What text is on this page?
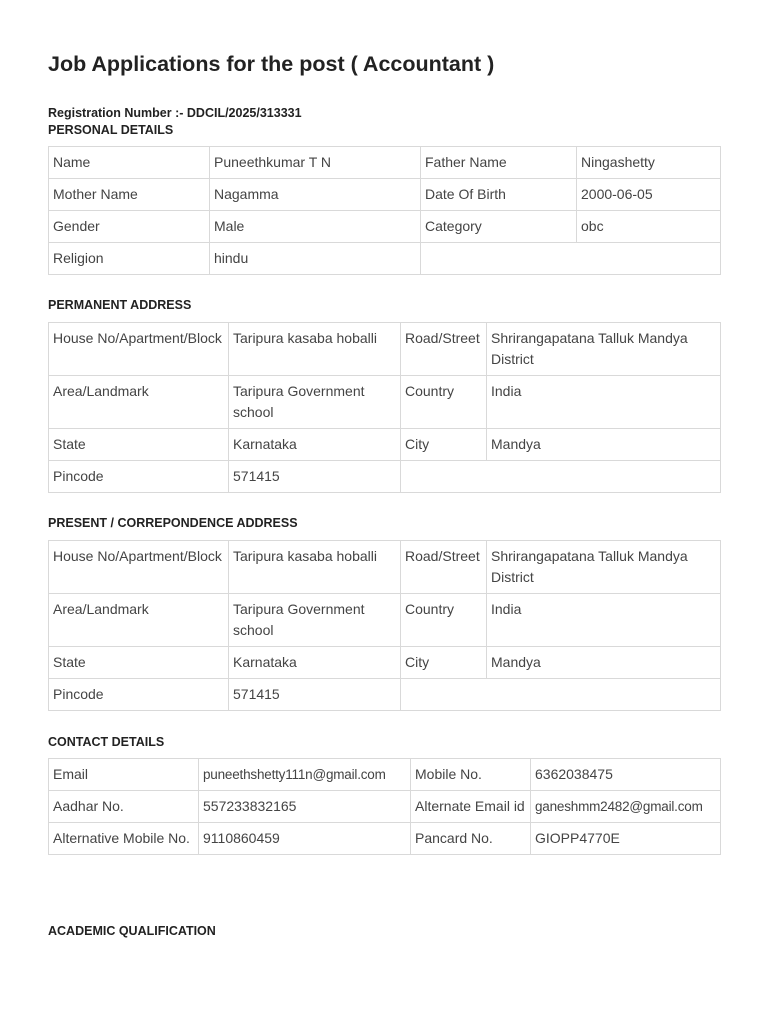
Job Applications for the post ( Accountant )
Registration Number :- DDCIL/2025/313331
PERSONAL DETAILS
Name	Puneethkumar T N	Father Name	Ningashetty
Mother Name	Nagamma	Date Of Birth	2000-06-05
Gender	Male	Category	obc
Religion	hindu		
PERMANENT ADDRESS
House No/Apartment/Block	Taripura kasaba hoballi	Road/Street	Shrirangapatana Talluk Mandya District
Area/Landmark	Taripura Government school	Country	India
State	Karnataka	City	Mandya
Pincode	571415		
PRESENT / CORREPONDENCE ADDRESS
House No/Apartment/Block	Taripura kasaba hoballi	Road/Street	Shrirangapatana Talluk Mandya District
Area/Landmark	Taripura Government school	Country	India
State	Karnataka	City	Mandya
Pincode	571415		
CONTACT DETAILS
Email	puneethshetty111n@gmail.com	Mobile No.	6362038475
Aadhar No.	557233832165	Alternate Email id	ganeshmm2482@gmail.com
Alternative Mobile No.	9110860459	Pancard No.	GIOPP4770E
ACADEMIC QUALIFICATION
